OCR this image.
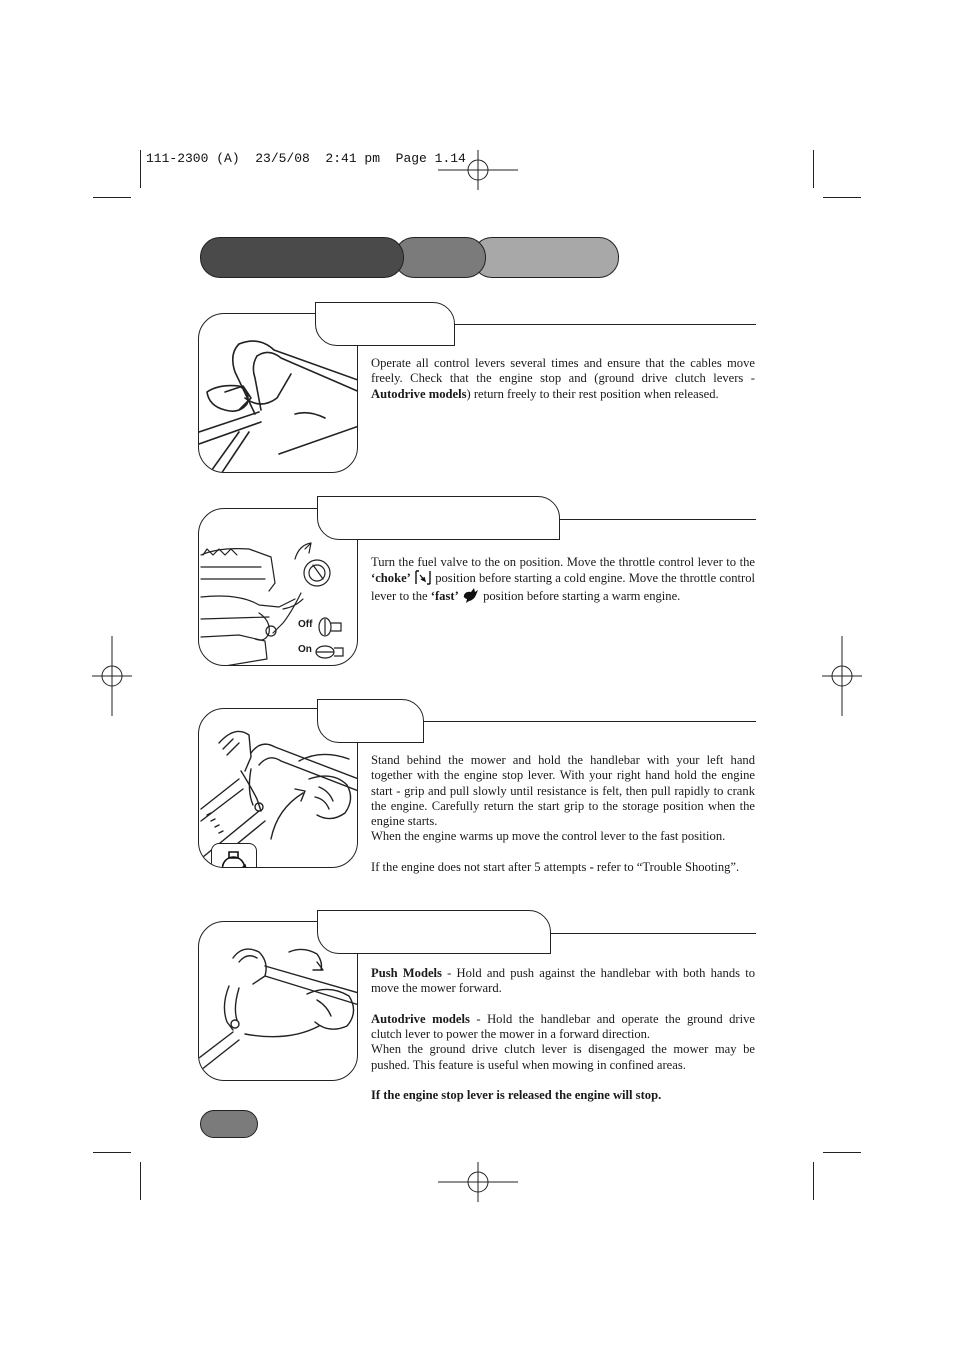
111-2300 (A)  23/5/08  2:41 pm  Page 1.14

Operate all control levers several times and ensure that the cables move freely. Check that the engine stop and (ground drive clutch levers - Autodrive models) return freely to their rest position when released.

Off
On
Turn the fuel valve to the on position. Move the throttle control lever to the ‘choke’
position before starting a cold engine. Move the throttle control lever to the ‘fast’
position before starting a warm engine.

Stand behind the mower and hold the handlebar with your left hand together with the engine stop lever. With your right hand hold the engine start - grip and pull slowly until resistance is felt, then pull rapidly to crank the engine. Carefully return the start grip to the storage position when the engine starts.

When the engine warms up move the control lever to the fast position.

If the engine does not start after 5 attempts - refer to “Trouble Shooting”.

Push Models - Hold and push against the handlebar with both hands to move the mower forward.

Autodrive models - Hold the handlebar and operate the ground drive clutch lever to power the mower in a forward direction.

When the ground drive clutch lever is disengaged the mower may be pushed. This feature is useful when mowing in confined areas.

If the engine stop lever is released the engine will stop.
